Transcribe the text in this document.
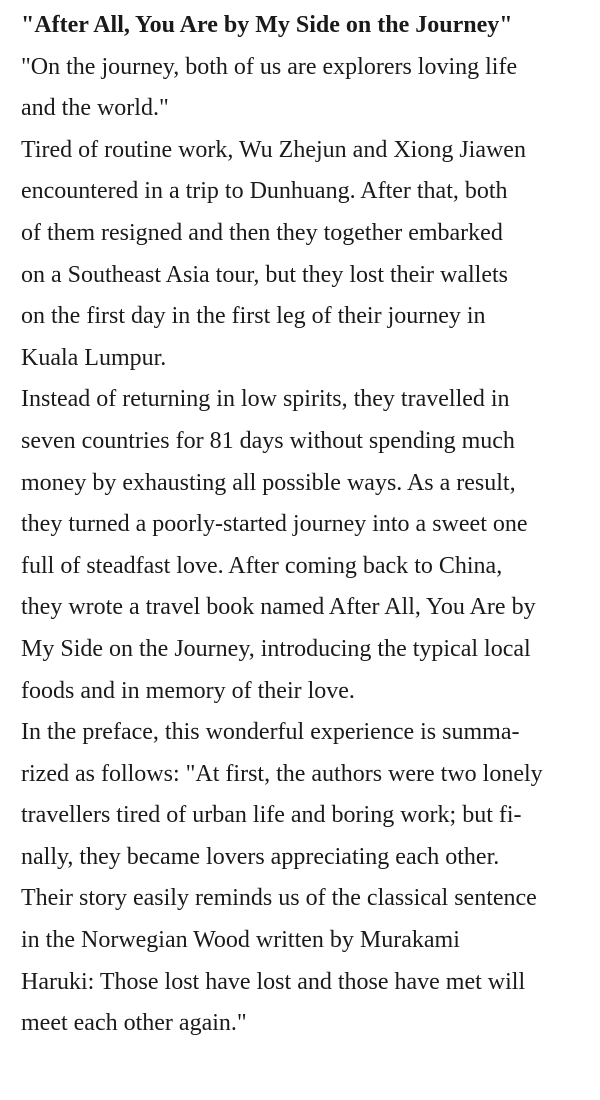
"After All, You Are by My Side on the Journey"
"On the journey, both of us are explorers loving life
and the world."
Tired of routine work, Wu Zhejun and Xiong Jiawen
encountered in a trip to Dunhuang. After that, both
of them resigned and then they together embarked
on a Southeast Asia tour, but they lost their wallets
on the first day in the first leg of their journey in
Kuala Lumpur.
Instead of returning in low spirits, they travelled in
seven countries for 81 days without spending much
money by exhausting all possible ways. As a result,
they turned a poorly-started journey into a sweet one
full of steadfast love. After coming back to China,
they wrote a travel book named After All, You Are by
My Side on the Journey, introducing the typical local
foods and in memory of their love.
In the preface, this wonderful experience is summa-
rized as follows: "At first, the authors were two lonely
travellers tired of urban life and boring work; but fi-
nally, they became lovers appreciating each other.
Their story easily reminds us of the classical sentence
in the Norwegian Wood written by Murakami
Haruki: Those lost have lost and those have met will
meet each other again."
